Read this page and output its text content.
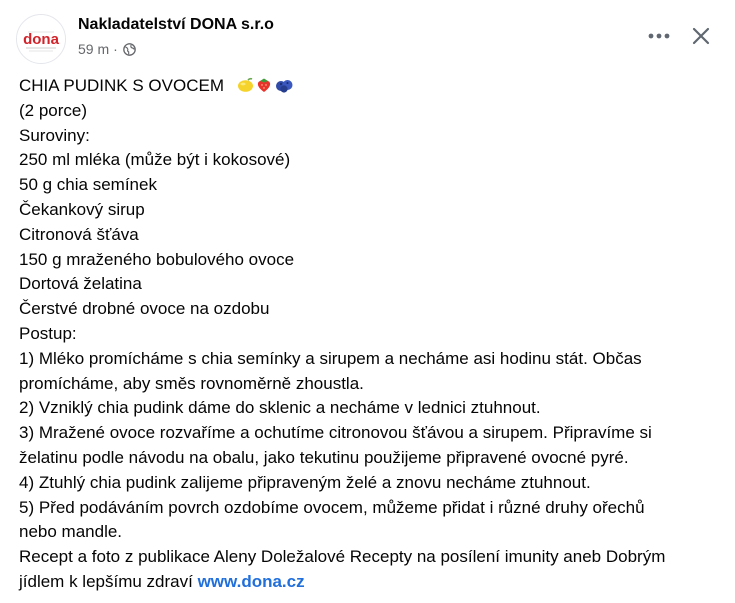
dona
Nakladatelství DONA s.r.o
59 m ·
CHIA PUDINK S OVOCEM
(2 porce)
Suroviny:
250 ml mléka (může být i kokosové)
50 g chia semínek
Čekankový sirup
Citronová šťáva
150 g mraženého bobulového ovoce
Dortová želatina
Čerstvé drobné ovoce na ozdobu
Postup:
1) Mléko promícháme s chia semínky a sirupem a necháme asi hodinu stát. Občas
promícháme, aby směs rovnoměrně zhoustla.
2) Vzniklý chia pudink dáme do sklenic a necháme v lednici ztuhnout.
3) Mražené ovoce rozvaříme a ochutíme citronovou šťávou a sirupem. Připravíme si
želatinu podle návodu na obalu, jako tekutinu použijeme připravené ovocné pyré.
4) Ztuhlý chia pudink zalijeme připraveným želé a znovu necháme ztuhnout.
5) Před podáváním povrch ozdobíme ovocem, můžeme přidat i různé druhy ořechů
nebo mandle.
Recept a foto z publikace Aleny Doležalové Recepty na posílení imunity aneb Dobrým
jídlem k lepšímu zdraví www.dona.cz
